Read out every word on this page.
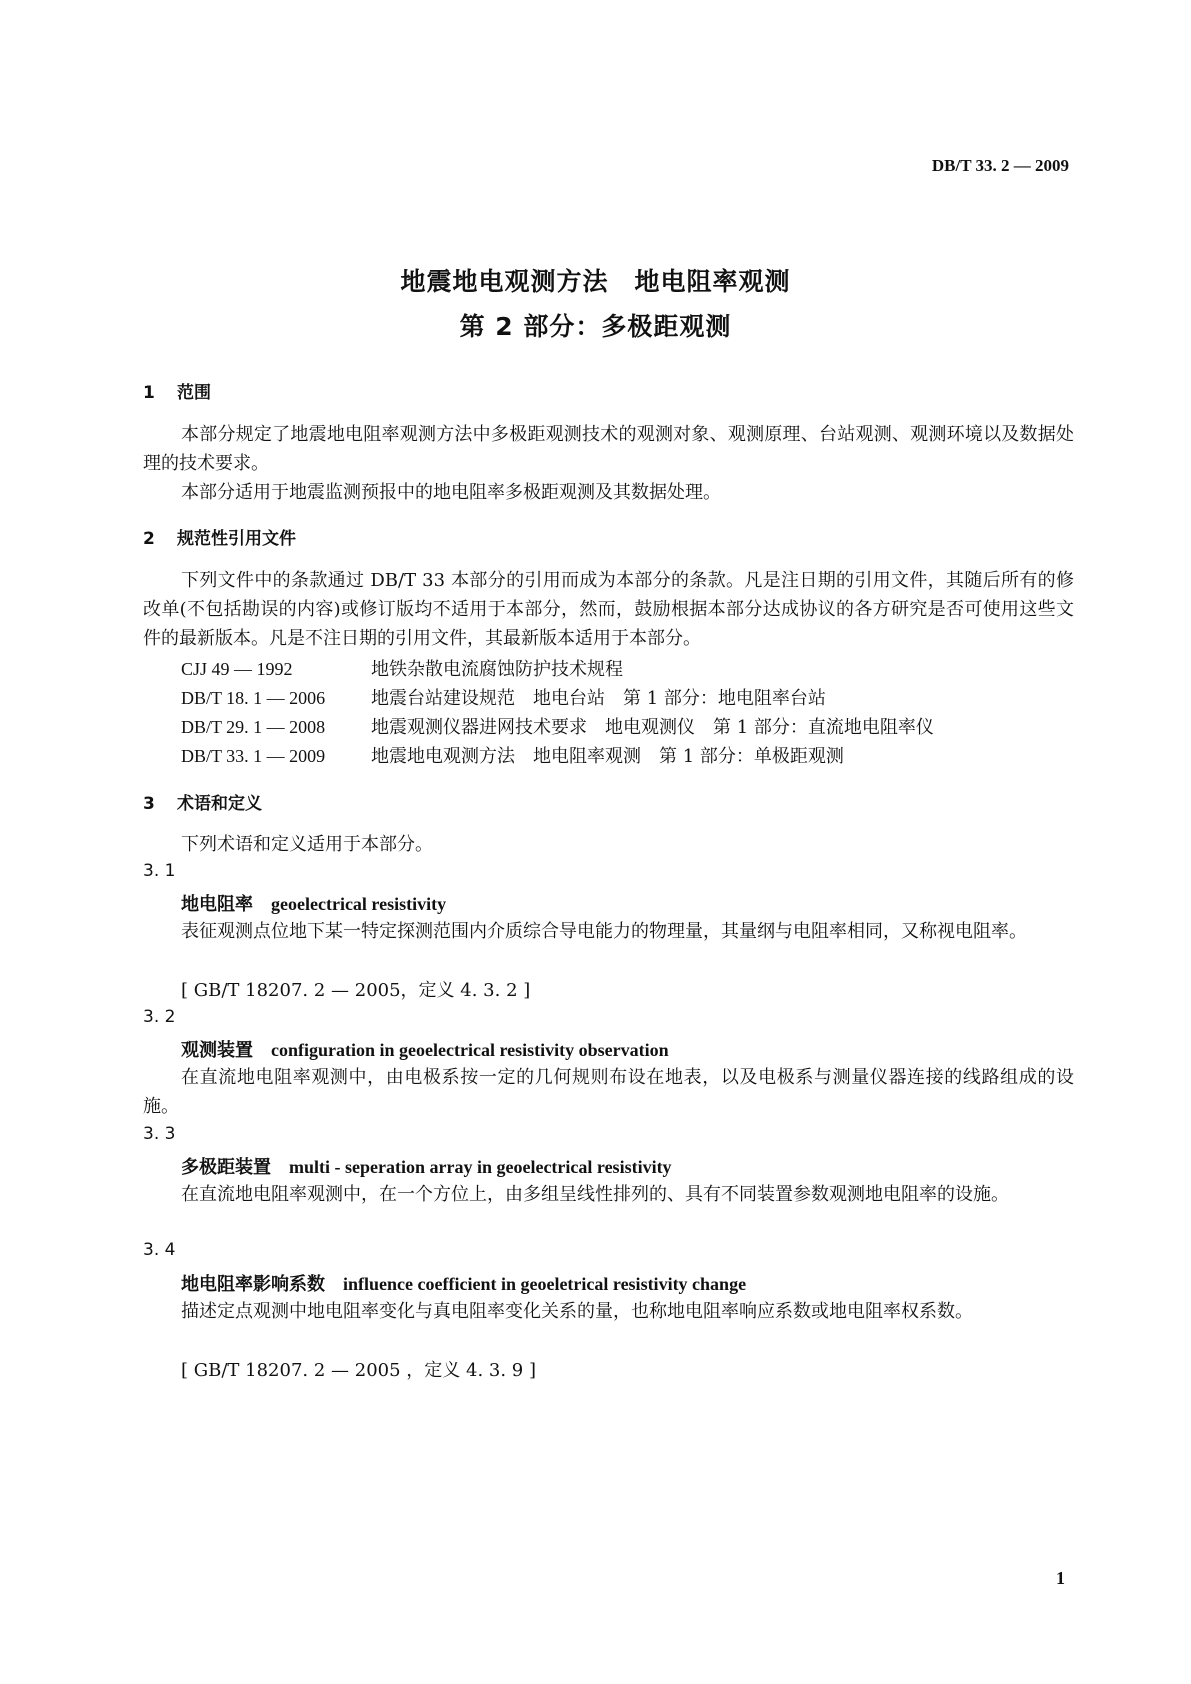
DB/T 33. 2 — 2009
地震地电观测方法　地电阻率观测
第 2 部分：多极距观测
1 范围
本部分规定了地震地电阻率观测方法中多极距观测技术的观测对象、观测原理、台站观测、观测环境以及数据处理的技术要求。
本部分适用于地震监测预报中的地电阻率多极距观测及其数据处理。
2 规范性引用文件
下列文件中的条款通过 DB/T 33 本部分的引用而成为本部分的条款。凡是注日期的引用文件，其随后所有的修改单(不包括勘误的内容)或修订版均不适用于本部分，然而，鼓励根据本部分达成协议的各方研究是否可使用这些文件的最新版本。凡是不注日期的引用文件，其最新版本适用于本部分。
CJJ 49 — 1992	地铁杂散电流腐蚀防护技术规程
DB/T 18. 1 — 2006	地震台站建设规范　地电台站　第 1 部分：地电阻率台站
DB/T 29. 1 — 2008	地震观测仪器进网技术要求　地电观测仪　第 1 部分：直流地电阻率仪
DB/T 33. 1 — 2009	地震地电观测方法　地电阻率观测　第 1 部分：单极距观测
3 术语和定义
下列术语和定义适用于本部分。
3. 1
地电阻率 geoelectrical resistivity
表征观测点位地下某一特定探测范围内介质综合导电能力的物理量，其量纲与电阻率相同，又称视电阻率。
[ GB/T 18207. 2 — 2005，定义 4. 3. 2 ]
3. 2
观测装置 configuration in geoelectrical resistivity observation
在直流地电阻率观测中，由电极系按一定的几何规则布设在地表，以及电极系与测量仪器连接的线路组成的设施。
3. 3
多极距装置 multi - seperation array in geoelectrical resistivity
在直流地电阻率观测中，在一个方位上，由多组呈线性排列的、具有不同装置参数观测地电阻率的设施。
3. 4
地电阻率影响系数 influence coefficient in geoeletrical resistivity change
描述定点观测中地电阻率变化与真电阻率变化关系的量，也称地电阻率响应系数或地电阻率权系数。
[ GB/T 18207. 2 — 2005 ，定义 4. 3. 9 ]
1
